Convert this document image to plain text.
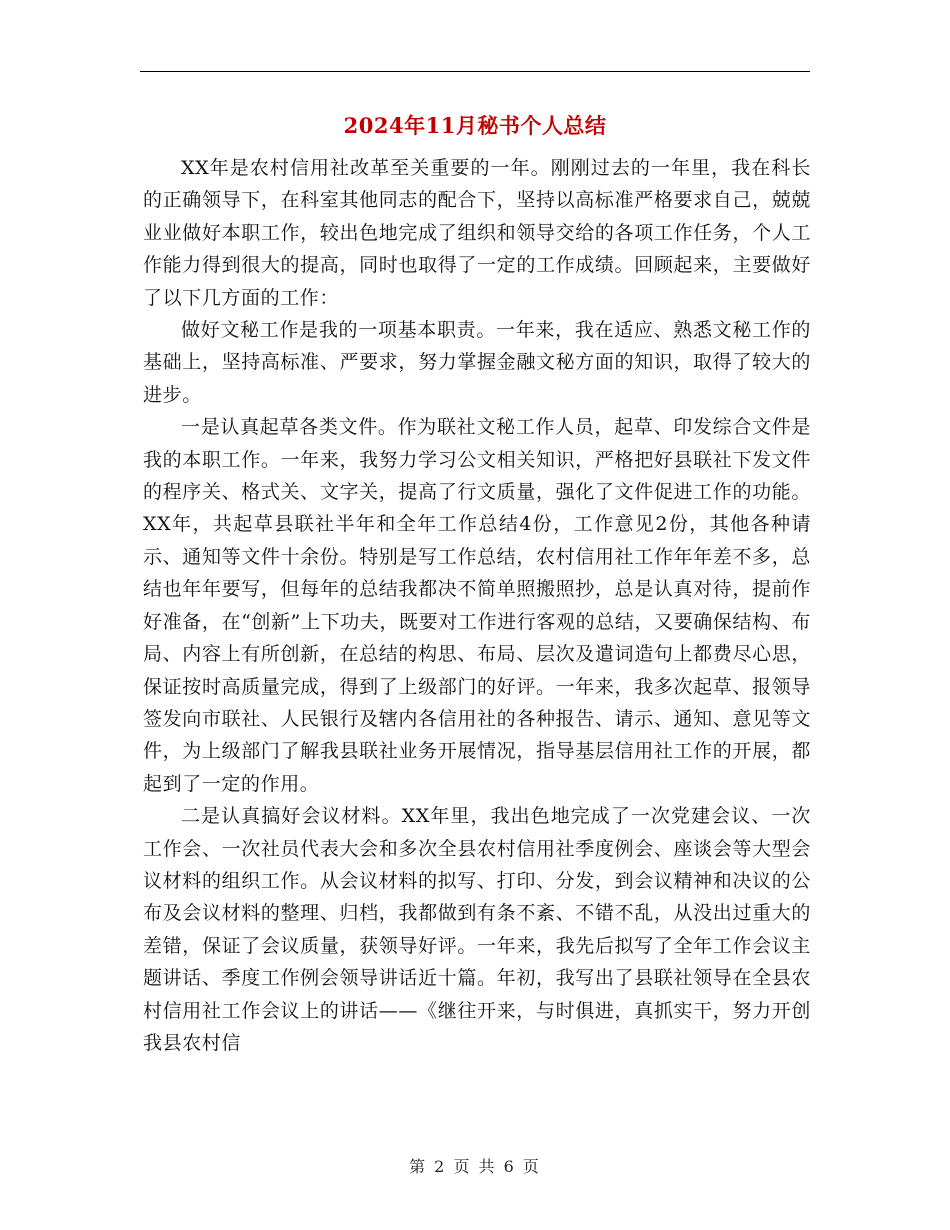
2024年11月秘书个人总结

XX年是农村信用社改革至关重要的一年。刚刚过去的一年里，我在科长的正确领导下，在科室其他同志的配合下，坚持以高标准严格要求自己，兢兢业业做好本职工作，较出色地完成了组织和领导交给的各项工作任务，个人工作能力得到很大的提高，同时也取得了一定的工作成绩。回顾起来，主要做好了以下几方面的工作：

做好文秘工作是我的一项基本职责。一年来，我在适应、熟悉文秘工作的基础上，坚持高标准、严要求，努力掌握金融文秘方面的知识，取得了较大的进步。

一是认真起草各类文件。作为联社文秘工作人员，起草、印发综合文件是我的本职工作。一年来，我努力学习公文相关知识，严格把好县联社下发文件的程序关、格式关、文字关，提高了行文质量，强化了文件促进工作的功能。XX年，共起草县联社半年和全年工作总结4份，工作意见2份，其他各种请示、通知等文件十余份。特别是写工作总结，农村信用社工作年年差不多，总结也年年要写，但每年的总结我都决不简单照搬照抄，总是认真对待，提前作好准备，在“创新”上下功夫，既要对工作进行客观的总结，又要确保结构、布局、内容上有所创新，在总结的构思、布局、层次及遣词造句上都费尽心思，保证按时高质量完成，得到了上级部门的好评。一年来，我多次起草、报领导签发向市联社、人民银行及辖内各信用社的各种报告、请示、通知、意见等文件，为上级部门了解我县联社业务开展情况，指导基层信用社工作的开展，都起到了一定的作用。

二是认真搞好会议材料。XX年里，我出色地完成了一次党建会议、一次工作会、一次社员代表大会和多次全县农村信用社季度例会、座谈会等大型会议材料的组织工作。从会议材料的拟写、打印、分发，到会议精神和决议的公布及会议材料的整理、归档，我都做到有条不紊、不错不乱，从没出过重大的差错，保证了会议质量，获领导好评。一年来，我先后拟写了全年工作会议主题讲话、季度工作例会领导讲话近十篇。年初，我写出了县联社领导在全县农村信用社工作会议上的讲话——《继往开来，与时俱进，真抓实干，努力开创我县农村信

第 2 页 共 6 页
